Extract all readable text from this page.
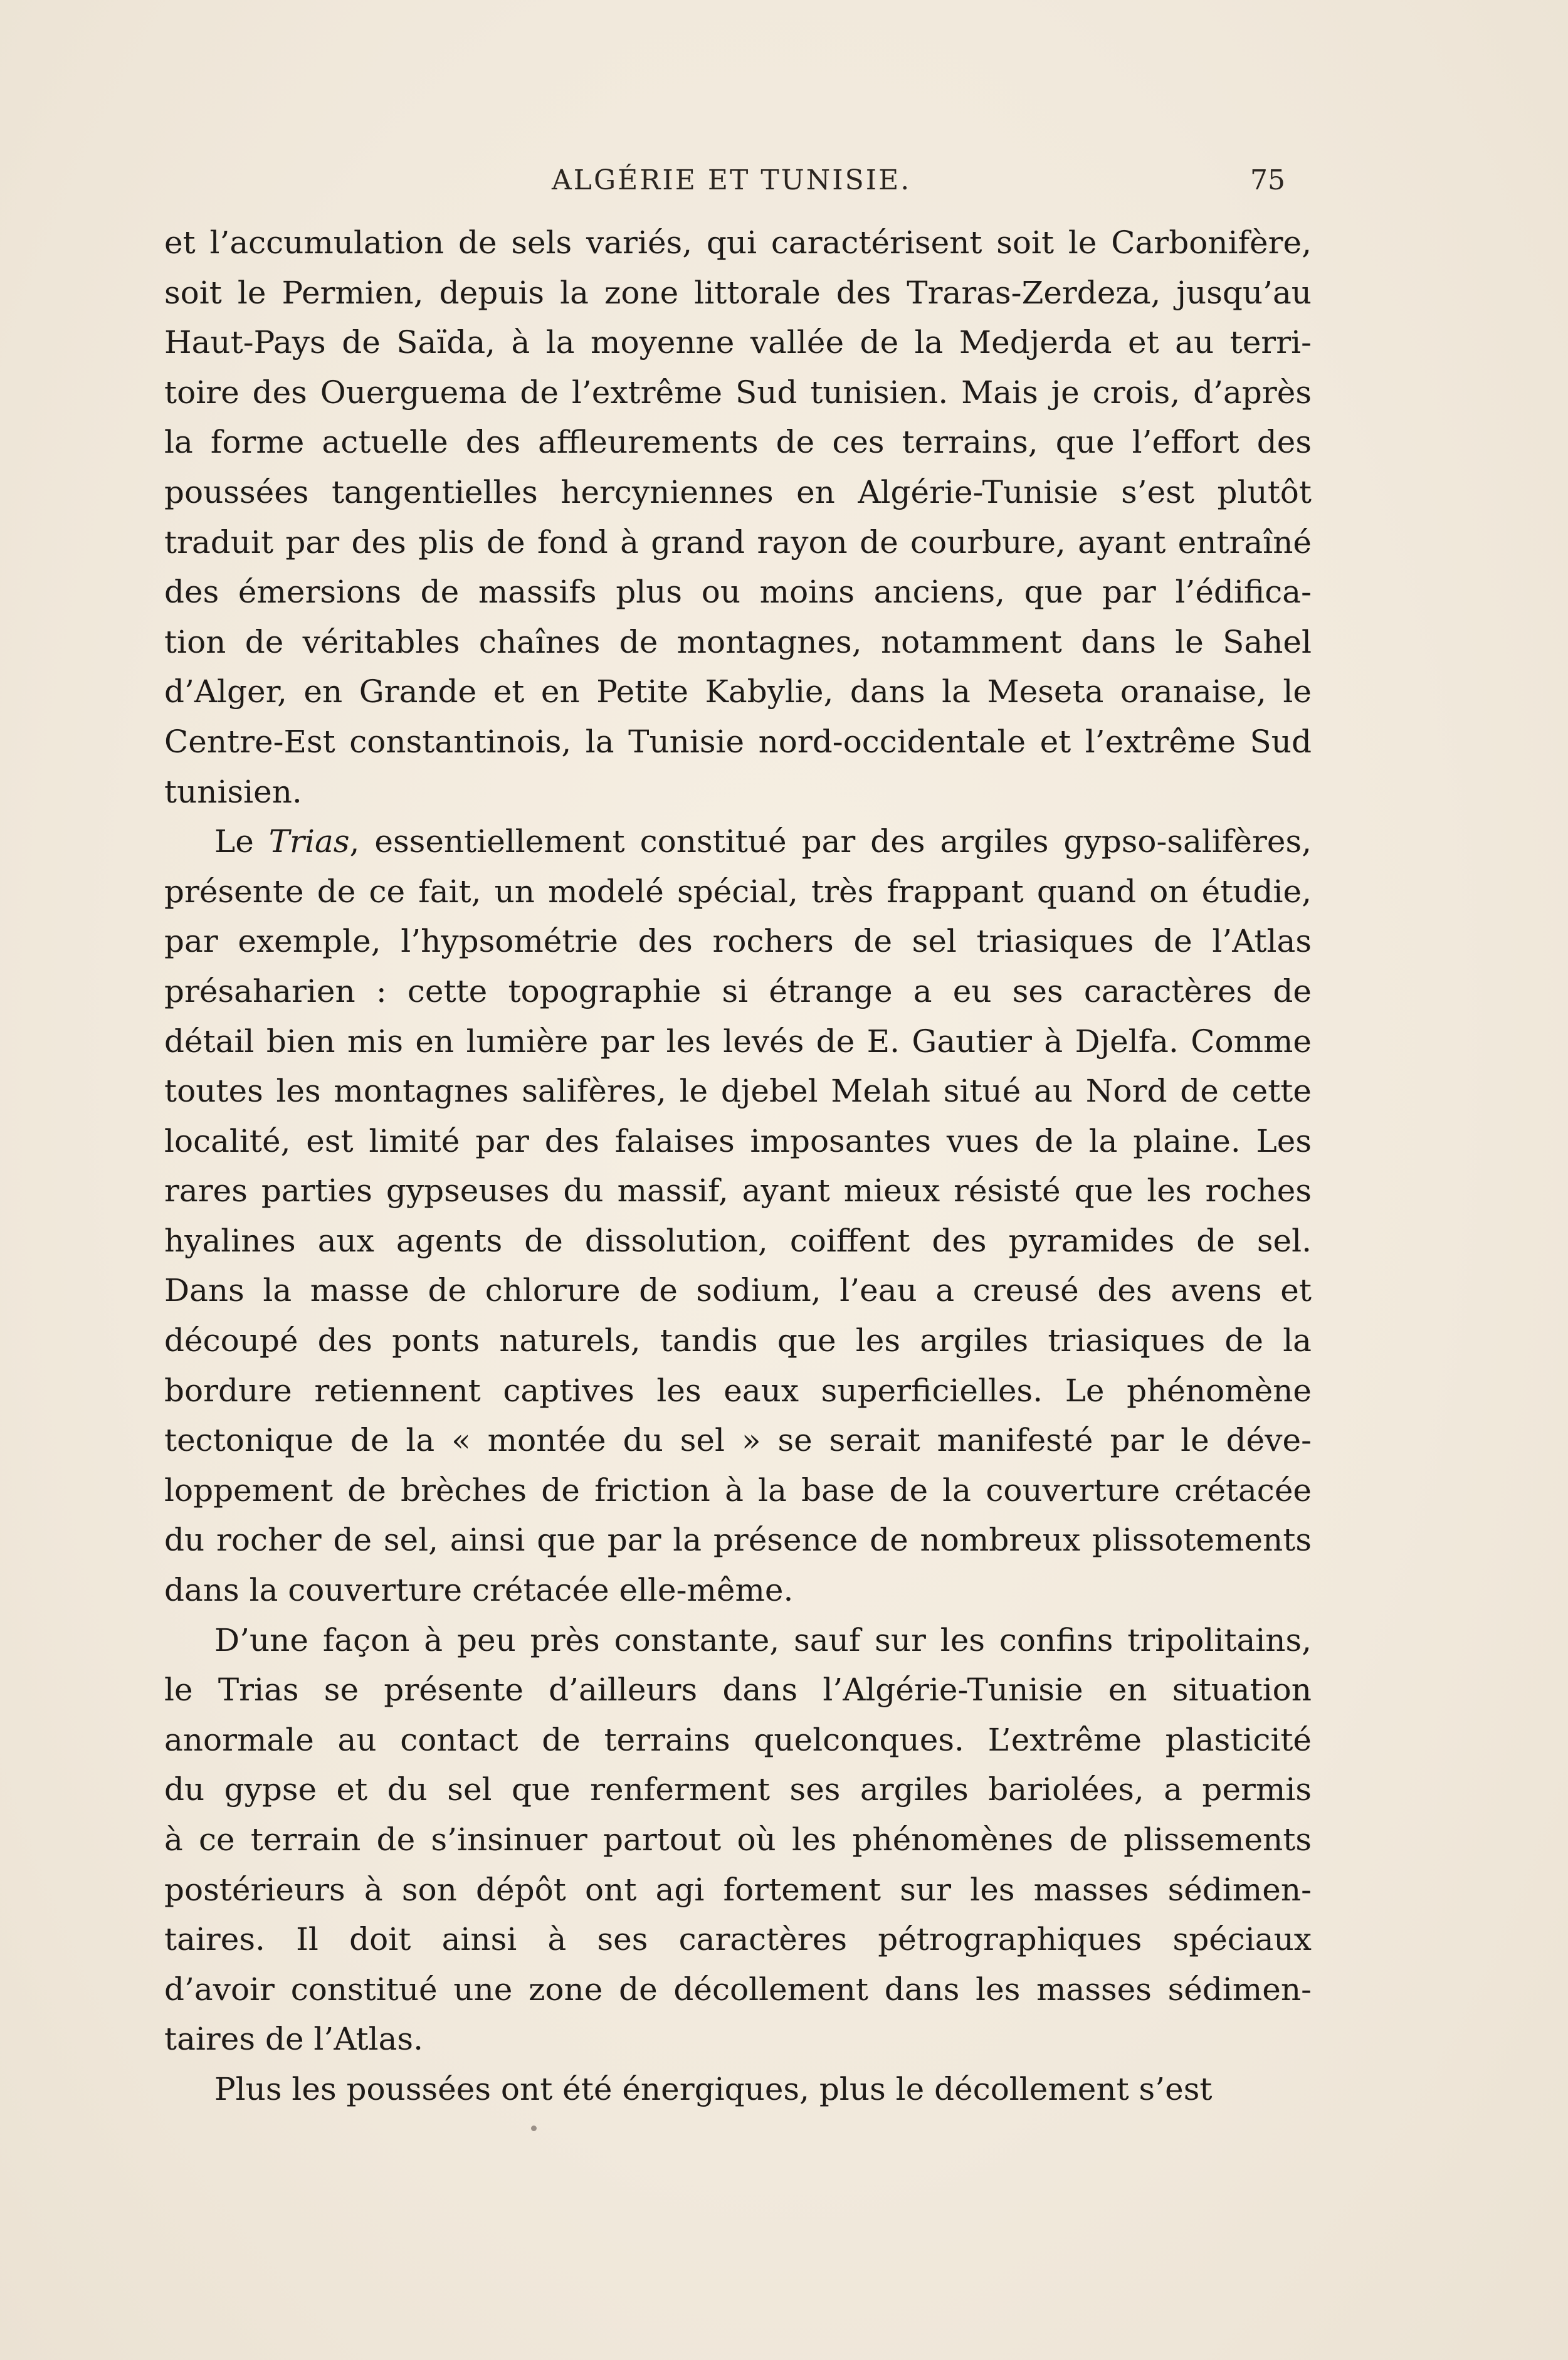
ALGÉRIE ET TUNISIE.	75
et l’accumulation de sels variés, qui caractérisent soit le Carbonifère,
soit le Permien, depuis la zone littorale des Traras-Zerdeza, jusqu’au
Haut-Pays de Saïda, à la moyenne vallée de la Medjerda et au terri-
toire des Ouerguema de l’extrême Sud tunisien. Mais je crois, d’après
la forme actuelle des affleurements de ces terrains, que l’effort des
poussées tangentielles hercyniennes en Algérie-Tunisie s’est plutôt
traduit par des plis de fond à grand rayon de courbure, ayant entraîné
des émersions de massifs plus ou moins anciens, que par l’édifica-
tion de véritables chaînes de montagnes, notamment dans le Sahel
d’Alger, en Grande et en Petite Kabylie, dans la Meseta oranaise, le
Centre-Est constantinois, la Tunisie nord-occidentale et l’extrême Sud
tunisien.
Le Trias, essentiellement constitué par des argiles gypso-salifères,
présente de ce fait, un modelé spécial, très frappant quand on étudie,
par exemple, l’hypsométrie des rochers de sel triasiques de l’Atlas
présaharien : cette topographie si étrange a eu ses caractères de
détail bien mis en lumière par les levés de E. Gautier à Djelfa. Comme
toutes les montagnes salifères, le djebel Melah situé au Nord de cette
localité, est limité par des falaises imposantes vues de la plaine. Les
rares parties gypseuses du massif, ayant mieux résisté que les roches
hyalines aux agents de dissolution, coiffent des pyramides de sel.
Dans la masse de chlorure de sodium, l’eau a creusé des avens et
découpé des ponts naturels, tandis que les argiles triasiques de la
bordure retiennent captives les eaux superficielles. Le phénomène
tectonique de la « montée du sel » se serait manifesté par le déve-
loppement de brèches de friction à la base de la couverture crétacée
du rocher de sel, ainsi que par la présence de nombreux plissotements
dans la couverture crétacée elle-même.
D’une façon à peu près constante, sauf sur les confins tripolitains,
le Trias se présente d’ailleurs dans l’Algérie-Tunisie en situation
anormale au contact de terrains quelconques. L’extrême plasticité
du gypse et du sel que renferment ses argiles bariolées, a permis
à ce terrain de s’insinuer partout où les phénomènes de plissements
postérieurs à son dépôt ont agi fortement sur les masses sédimen-
taires. Il doit ainsi à ses caractères pétrographiques spéciaux
d’avoir constitué une zone de décollement dans les masses sédimen-
taires de l’Atlas.
Plus les poussées ont été énergiques, plus le décollement s’est
